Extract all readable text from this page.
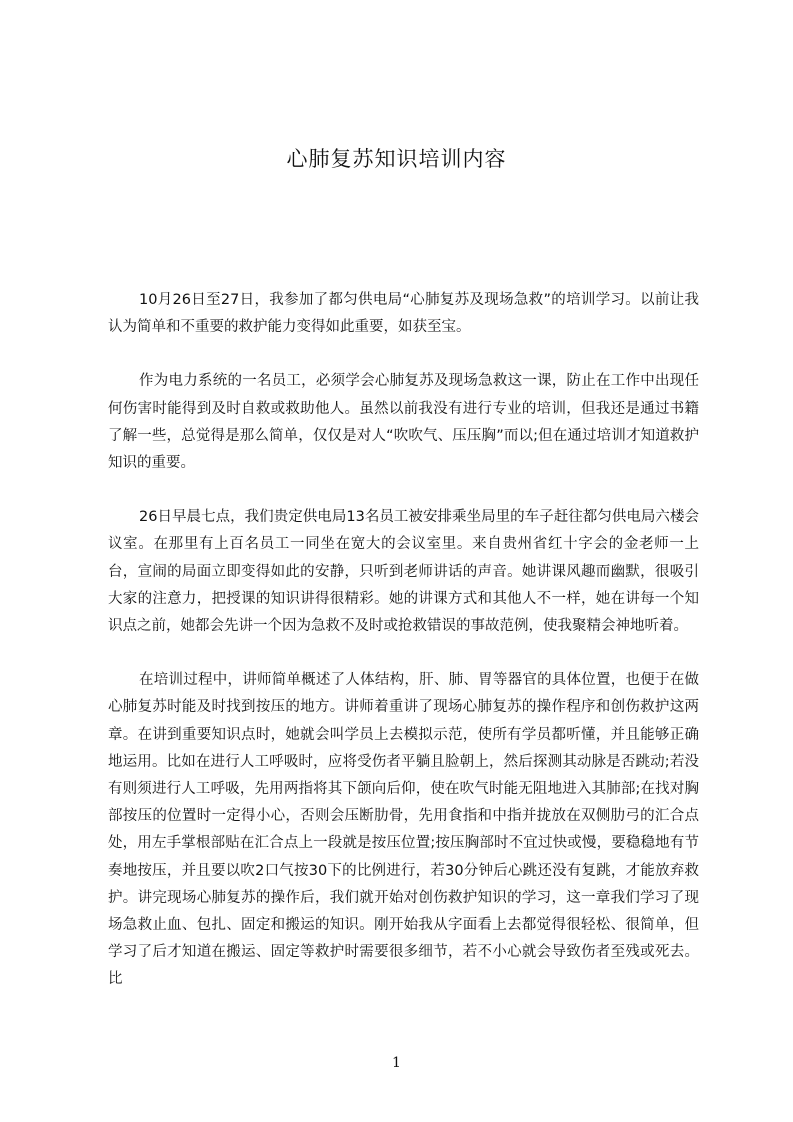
心肺复苏知识培训内容

10月26日至27日，我参加了都匀供电局“心肺复苏及现场急救”的培训学习。以前让我认为简单和不重要的救护能力变得如此重要，如获至宝。

作为电力系统的一名员工，必须学会心肺复苏及现场急救这一课，防止在工作中出现任何伤害时能得到及时自救或救助他人。虽然以前我没有进行专业的培训，但我还是通过书籍了解一些，总觉得是那么简单，仅仅是对人“吹吹气、压压胸”而以;但在通过培训才知道救护知识的重要。

26日早晨七点，我们贵定供电局13名员工被安排乘坐局里的车子赶往都匀供电局六楼会议室。在那里有上百名员工一同坐在宽大的会议室里。来自贵州省红十字会的金老师一上台，宣闹的局面立即变得如此的安静，只听到老师讲话的声音。她讲课风趣而幽默，很吸引大家的注意力，把授课的知识讲得很精彩。她的讲课方式和其他人不一样，她在讲每一个知识点之前，她都会先讲一个因为急救不及时或抢救错误的事故范例，使我聚精会神地听着。

在培训过程中，讲师简单概述了人体结构，肝、肺、胃等器官的具体位置，也便于在做心肺复苏时能及时找到按压的地方。讲师着重讲了现场心肺复苏的操作程序和创伤救护这两章。在讲到重要知识点时，她就会叫学员上去模拟示范，使所有学员都听懂，并且能够正确地运用。比如在进行人工呼吸时，应将受伤者平躺且脸朝上，然后探测其动脉是否跳动;若没有则须进行人工呼吸，先用两指将其下颌向后仰，使在吹气时能无阻地进入其肺部;在找对胸部按压的位置时一定得小心，否则会压断肋骨，先用食指和中指并拢放在双侧肋弓的汇合点处，用左手掌根部贴在汇合点上一段就是按压位置;按压胸部时不宜过快或慢，要稳稳地有节奏地按压，并且要以吹2口气按30下的比例进行，若30分钟后心跳还没有复跳，才能放弃救护。讲完现场心肺复苏的操作后，我们就开始对创伤救护知识的学习，这一章我们学习了现场急救止血、包扎、固定和搬运的知识。刚开始我从字面看上去都觉得很轻松、很简单，但学习了后才知道在搬运、固定等救护时需要很多细节，若不小心就会导致伤者至残或死去。比

1
